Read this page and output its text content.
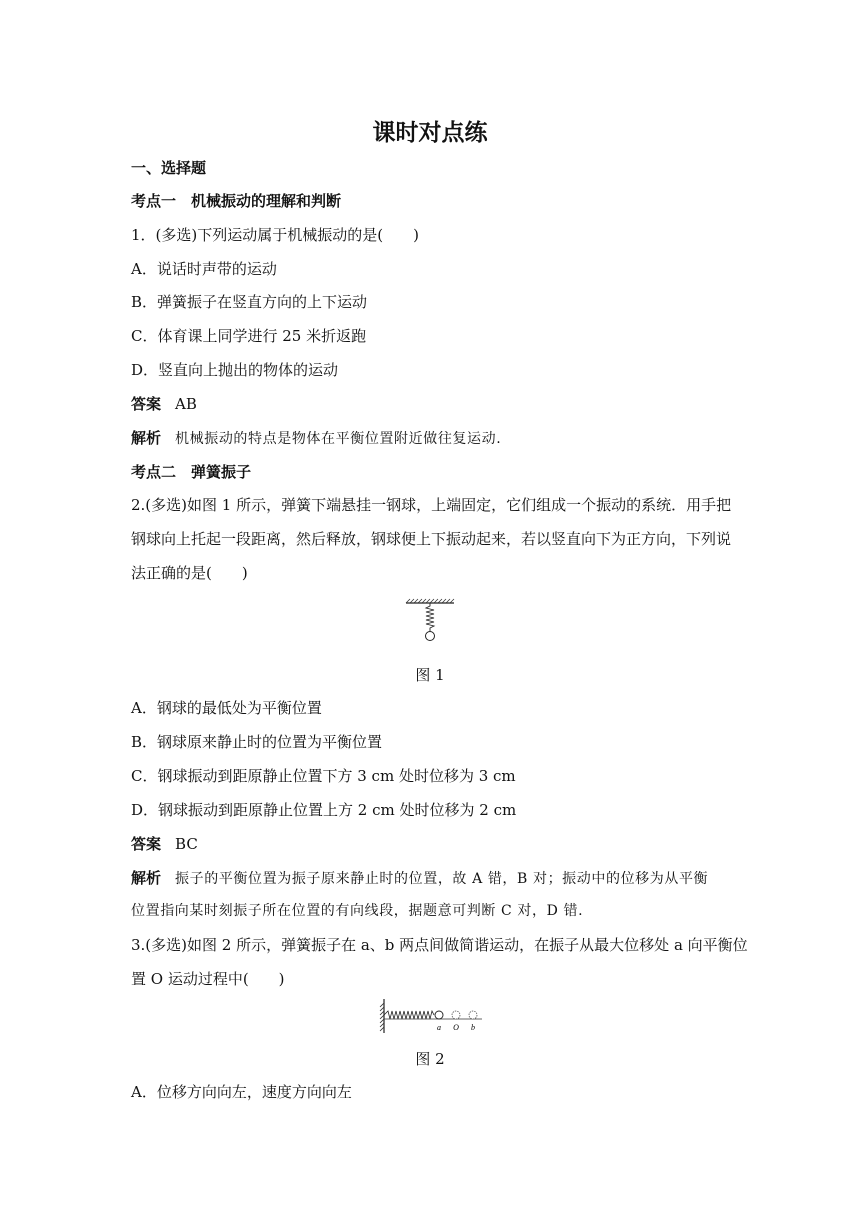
课时对点练
一、选择题
考点一　机械振动的理解和判断
1．(多选)下列运动属于机械振动的是(　　)
A．说话时声带的运动
B．弹簧振子在竖直方向的上下运动
C．体育课上同学进行 25 米折返跑
D．竖直向上抛出的物体的运动
答案 AB
解析 机械振动的特点是物体在平衡位置附近做往复运动.
考点二　弹簧振子
2.(多选)如图 1 所示，弹簧下端悬挂一钢球，上端固定，它们组成一个振动的系统．用手把
钢球向上托起一段距离，然后释放，钢球便上下振动起来，若以竖直向下为正方向，下列说
法正确的是(　　)
图 1
A．钢球的最低处为平衡位置
B．钢球原来静止时的位置为平衡位置
C．钢球振动到距原静止位置下方 3 cm 处时位移为 3 cm
D．钢球振动到距原静止位置上方 2 cm 处时位移为 2 cm
答案 BC
解析 振子的平衡位置为振子原来静止时的位置，故 A 错，B 对；振动中的位移为从平衡
位置指向某时刻振子所在位置的有向线段，据题意可判断 C 对，D 错.
3.(多选)如图 2 所示，弹簧振子在 a、b 两点间做简谐运动，在振子从最大位移处 a 向平衡位
置 O 运动过程中(　　)
a O b
图 2
A．位移方向向左，速度方向向左
